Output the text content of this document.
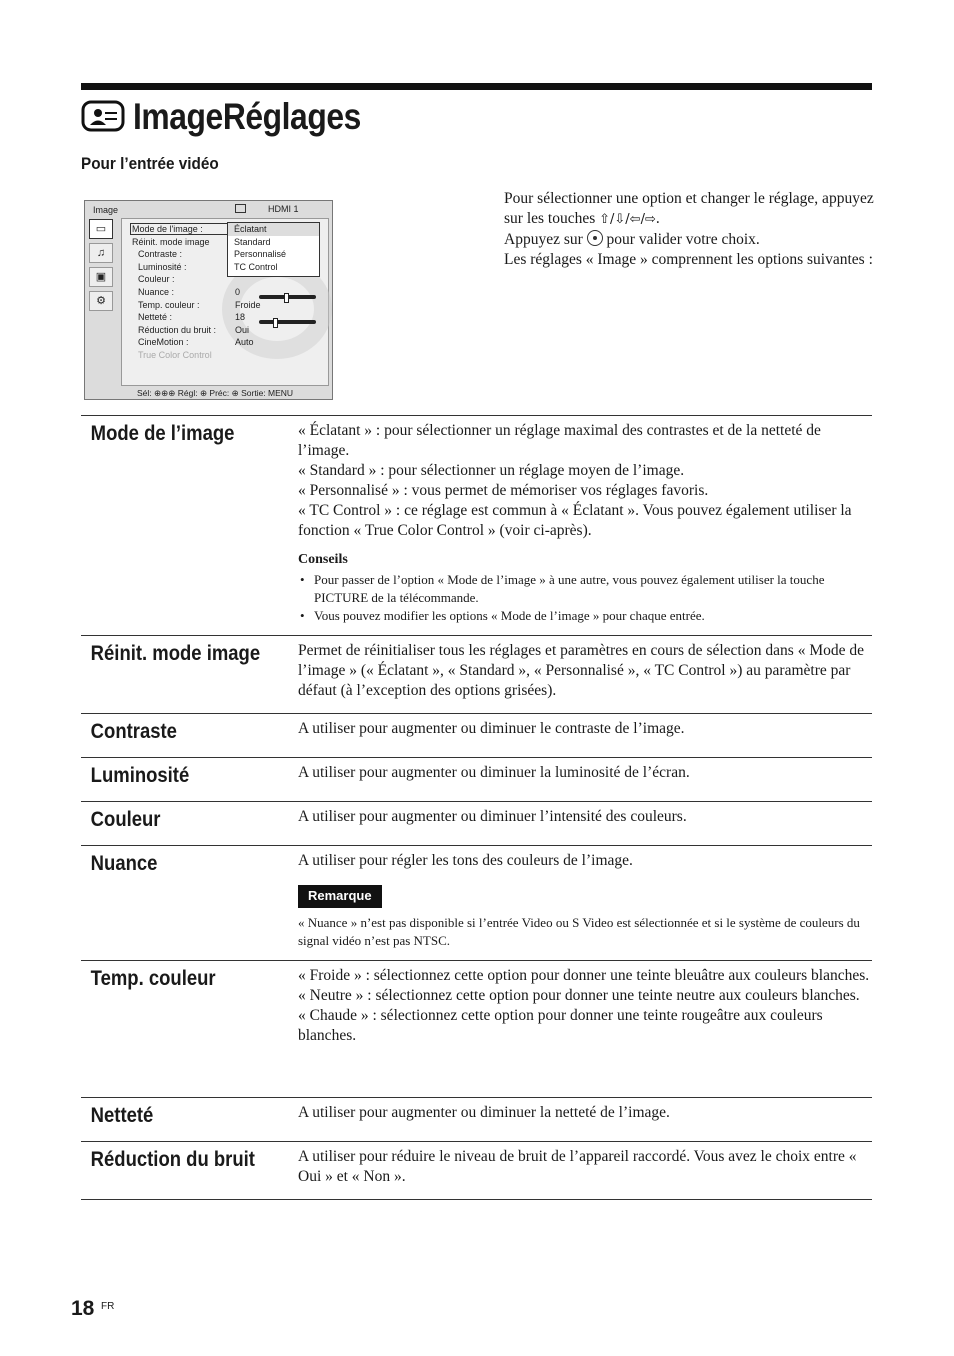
ImageRéglages
Pour l’entrée vidéo
Pour sélectionner une option et changer le réglage, appuyez sur les touches ⇧/⇩/⇦/⇨.
Appuyez sur pour valider votre choix.
Les réglages « Image » comprennent les options suivantes :
Image	HDMI 1
▭
♫
▣
⚙
Mode de l'image :
Réinit. mode image
Contraste :
Luminosité :
Couleur :
Nuance :	0
Temp. couleur :	Froide
Netteté :	18
Réduction du bruit : Oui
CineMotion :	Auto
True Color Control
Éclatant
Standard
Personnalisé
TC Control
Sél: ⊕⊕⊕ Régl: ⊕ Préc: ⊕ Sortie: MENU
Mode de l’image	« Éclatant » : pour sélectionner un réglage maximal des contrastes et de la netteté de l’image.

« Standard » : pour sélectionner un réglage moyen de l’image.

« Personnalisé » : vous permet de mémoriser vos réglages favoris.

« TC Control » : ce réglage est commun à « Éclatant ». Vous pouvez également utiliser la fonction « True Color Control » (voir ci-après).

Conseils
• Pour passer de l’option « Mode de l’image » à une autre, vous pouvez également utiliser la touche PICTURE de la télécommande.
• Vous pouvez modifier les options « Mode de l’image » pour chaque entrée.
Réinit. mode image	Permet de réinitialiser tous les réglages et paramètres en cours de sélection dans « Mode de l’image » (« Éclatant », « Standard », « Personnalisé », « TC Control ») au paramètre par défaut (à l’exception des options grisées).
Contraste	A utiliser pour augmenter ou diminuer le contraste de l’image.
Luminosité	A utiliser pour augmenter ou diminuer la luminosité de l’écran.
Couleur	A utiliser pour augmenter ou diminuer l’intensité des couleurs.
Nuance	A utiliser pour régler les tons des couleurs de l’image.

Remarque
« Nuance » n’est pas disponible si l’entrée Video ou S Video est sélectionnée et si le système de couleurs du signal vidéo n’est pas NTSC.
Temp. couleur	« Froide » : sélectionnez cette option pour donner une teinte bleuâtre aux couleurs blanches.

« Neutre » : sélectionnez cette option pour donner une teinte neutre aux couleurs blanches.

« Chaude » : sélectionnez cette option pour donner une teinte rougeâtre aux couleurs blanches.

Netteté	A utiliser pour augmenter ou diminuer la netteté de l’image.
Réduction du bruit	A utiliser pour réduire le niveau de bruit de l’appareil raccordé. Vous avez le choix entre « Oui » et « Non ».
18 FR
